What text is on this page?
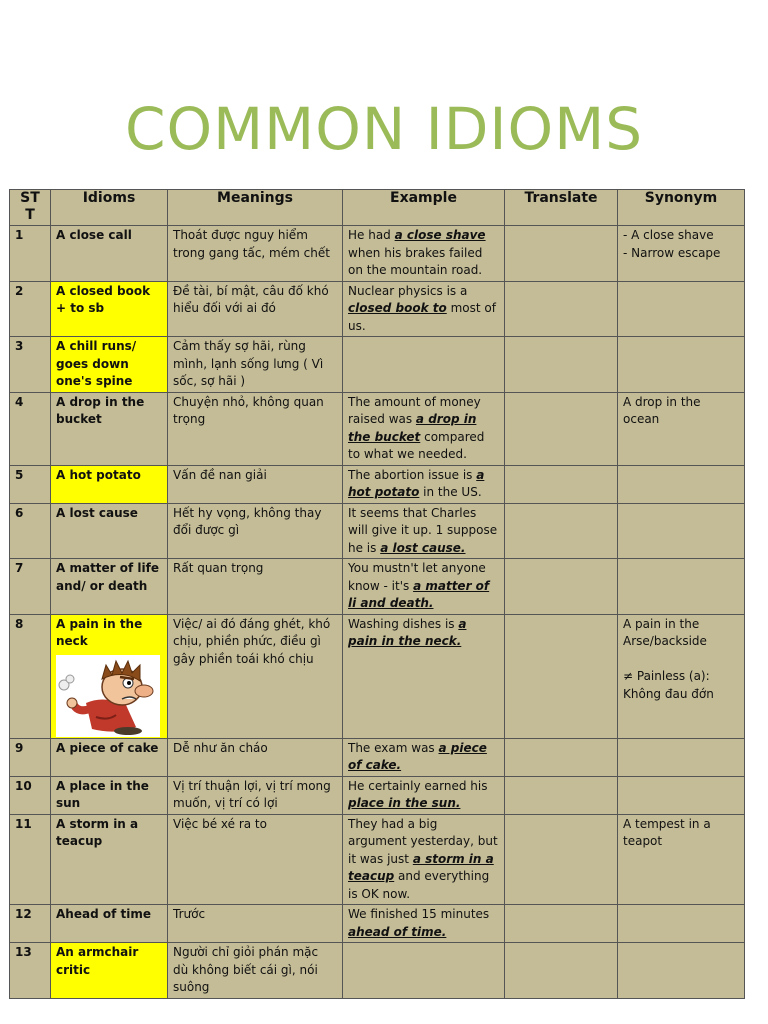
COMMON IDIOMS
ST T	Idioms	Meanings	Example	Translate	Synonym
1	A close call	Thoát được nguy hiểm trong gang tấc, mém chết	He had a close shave when his brakes failed on the mountain road.		- A close shave
- Narrow escape

2	A closed book + to sb	Đề tài, bí mật, câu đố khó hiểu đối với ai đó	Nuclear physics is a closed book to most of us.		
3	A chill runs/ goes down one's spine	Cảm thấy sợ hãi, rùng mình, lạnh sống lưng ( Vì sốc, sợ hãi )			
4	A drop in the bucket	Chuyện nhỏ, không quan trọng	The amount of money raised was a drop in the bucket compared to what we needed.		A drop in the ocean

5	A hot potato	Vấn đề nan giải	The abortion issue is a hot potato in the US.		
6	A lost cause	Hết hy vọng, không thay đổi được gì	It seems that Charles will give it up. 1 suppose he is a lost cause.		
7	A matter of life and/ or death	Rất quan trọng	You mustn't let anyone know - it's a matter of li and death.		
8	A pain in the neck	Việc/ ai đó đáng ghét, khó chịu, phiền phức, điều gì gây phiền toái khó chịu	Washing dishes is a pain in the neck.		A pain in the Arse/backside
≠ Painless (a): Không đau đớn

9	A piece of cake	Dễ như ăn cháo	The exam was a piece of cake.		
10	A place in the sun	Vị trí thuận lợi, vị trí mong muốn, vị trí có lợi	He certainly earned his place in the sun.		
11	A storm in a teacup	Việc bé xé ra to	They had a big argument yesterday, but it was just a storm in a teacup and everything is OK now.		A tempest in a teapot

12	Ahead of time	Trước	We finished 15 minutes ahead of time.		
13	An armchair critic	Người chỉ giỏi phán mặc dù không biết cái gì, nói suông			
